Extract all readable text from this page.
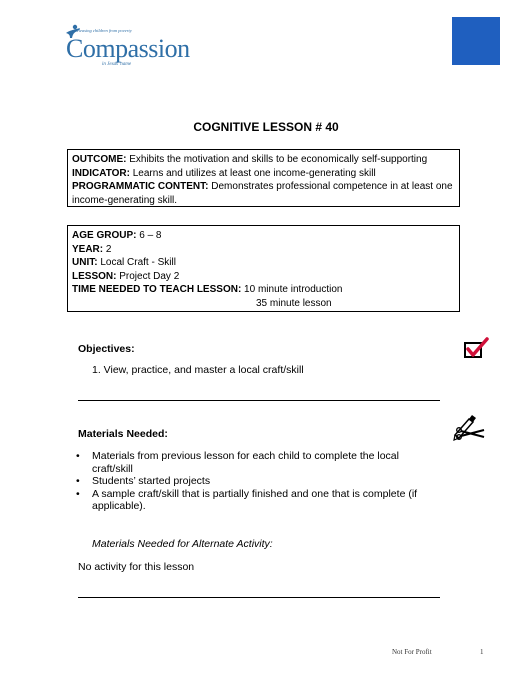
Releasing children from poverty
Compassion
in Jesus' name
COGNITIVE LESSON # 40
OUTCOME: Exhibits the motivation and skills to be economically self-supporting
INDICATOR: Learns and utilizes at least one income-generating skill
PROGRAMMATIC CONTENT: Demonstrates professional competence in at least one income-generating skill.
AGE GROUP: 6 – 8
YEAR: 2
UNIT: Local Craft - Skill
LESSON: Project Day 2
TIME NEEDED TO TEACH LESSON: 10 minute introduction
35 minute lesson
Objectives:
1. View, practice, and master a local craft/skill
Materials Needed:
• Materials from previous lesson for each child to complete the local craft/skill
• Students’ started projects
• A sample craft/skill that is partially finished and one that is complete (if applicable).
Materials Needed for Alternate Activity:
No activity for this lesson
Not For Profit	1
